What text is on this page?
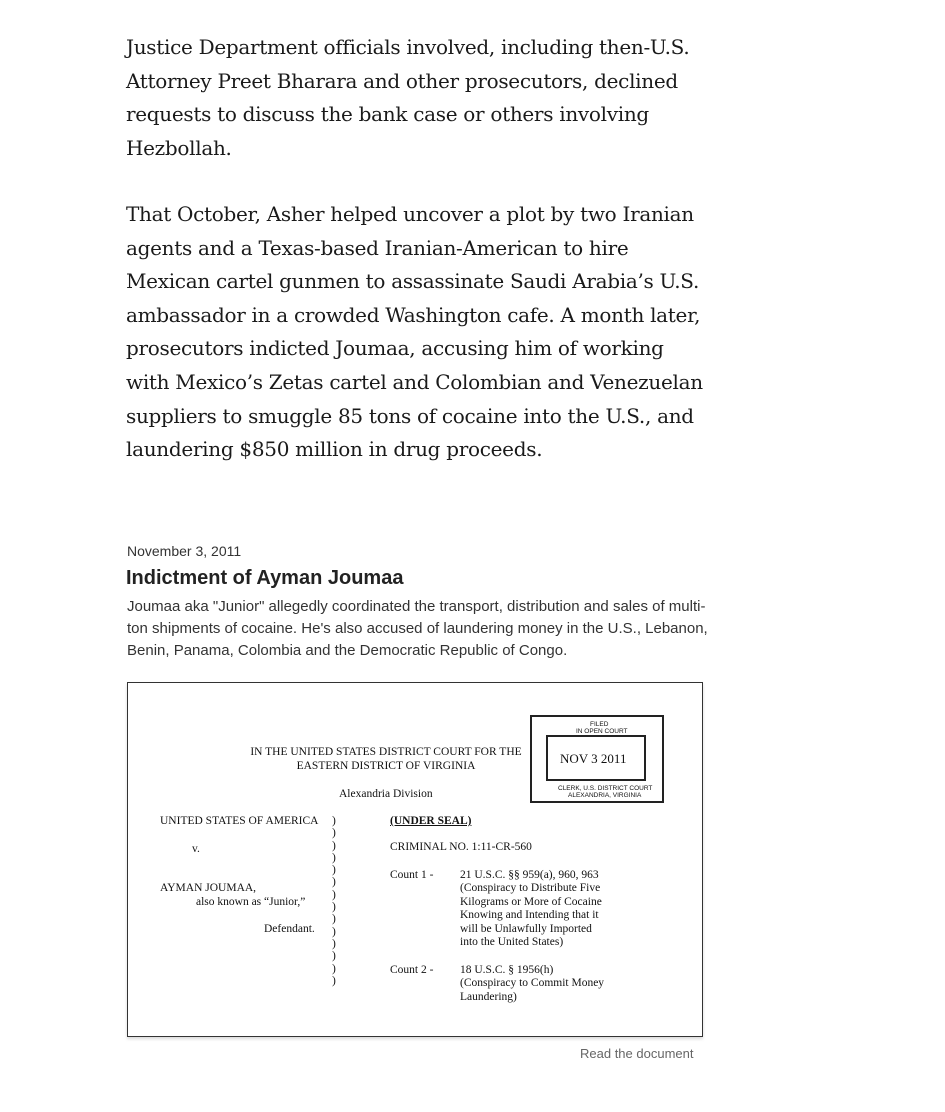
Justice Department officials involved, including then-U.S. Attorney Preet Bharara and other prosecutors, declined requests to discuss the bank case or others involving Hezbollah.

That October, Asher helped uncover a plot by two Iranian agents and a Texas-based Iranian-American to hire Mexican cartel gunmen to assassinate Saudi Arabia’s U.S. ambassador in a crowded Washington cafe. A month later, prosecutors indicted Joumaa, accusing him of working with Mexico’s Zetas cartel and Colombian and Venezuelan suppliers to smuggle 85 tons of cocaine into the U.S., and laundering $850 million in drug proceeds.

November 3, 2011
Indictment of Ayman Joumaa
Joumaa aka "Junior" allegedly coordinated the transport, distribution and sales of multi-ton shipments of cocaine. He's also accused of laundering money in the U.S., Lebanon, Benin, Panama, Colombia and the Democratic Republic of Congo.
FILED
IN OPEN COURT
NOV 3 2011
CLERK, U.S. DISTRICT COURT
ALEXANDRIA, VIRGINIA
IN THE UNITED STATES DISTRICT COURT FOR THE
EASTERN DISTRICT OF VIRGINIA
Alexandria Division
UNITED STATES OF AMERICA
v.
AYMAN JOUMAA,
also known as “Junior,”
Defendant.
)
)
)
)
)
)
)
)
)
)
)
)
)
)
(UNDER SEAL)
CRIMINAL NO. 1:11-CR-560
Count 1 - 21 U.S.C. §§ 959(a), 960, 963
(Conspiracy to Distribute Five
Kilograms or More of Cocaine
Knowing and Intending that it
will be Unlawfully Imported
into the United States)
Count 2 - 18 U.S.C. § 1956(h)
(Conspiracy to Commit Money
Laundering)
Read the document
